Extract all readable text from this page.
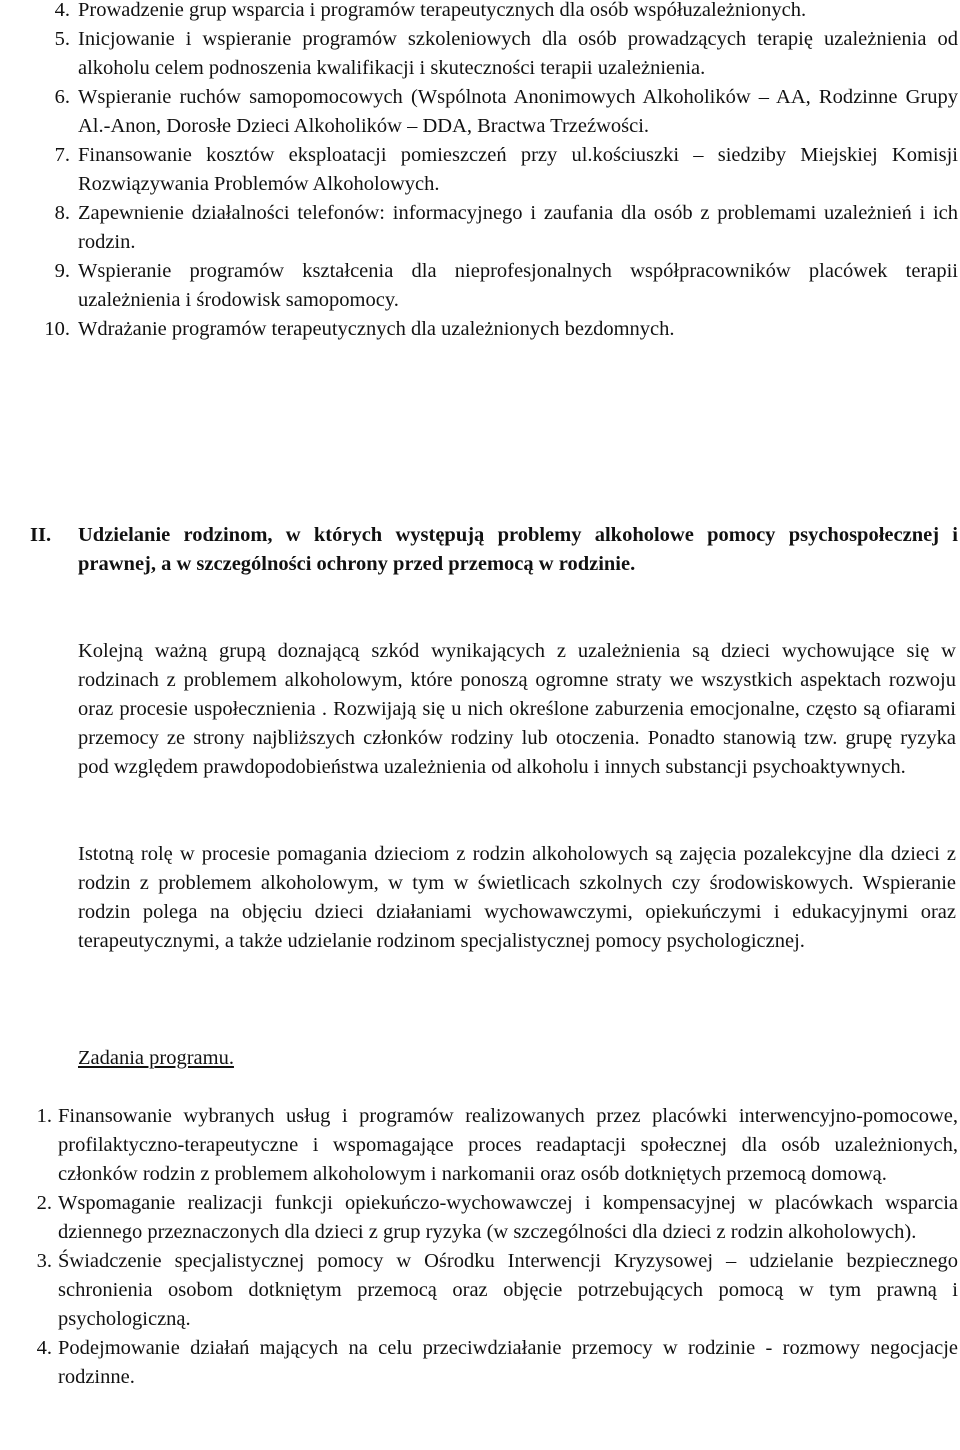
4. Prowadzenie grup wsparcia i programów terapeutycznych dla osób współuzależnionych.
5. Inicjowanie i wspieranie programów szkoleniowych dla osób prowadzących terapię uzależnienia od alkoholu celem podnoszenia kwalifikacji i skuteczności terapii uzależnienia.
6. Wspieranie ruchów samopomocowych (Wspólnota Anonimowych Alkoholików – AA, Rodzinne Grupy Al.-Anon, Dorosłe Dzieci Alkoholików – DDA, Bractwa Trzeźwości.
7. Finansowanie kosztów eksploatacji pomieszczeń przy ul.kościuszki – siedziby Miejskiej Komisji Rozwiązywania Problemów Alkoholowych.
8. Zapewnienie działalności telefonów: informacyjnego i zaufania dla osób z problemami uzależnień i ich rodzin.
9. Wspieranie programów kształcenia dla nieprofesjonalnych współpracowników placówek terapii uzależnienia i środowisk samopomocy.
10. Wdrażanie programów terapeutycznych dla uzależnionych bezdomnych.
II.	Udzielanie rodzinom, w których występują problemy alkoholowe pomocy psychospołecznej i prawnej, a w szczególności ochrony przed przemocą w rodzinie.
Kolejną ważną grupą doznającą szkód wynikających z uzależnienia są dzieci wychowujące się w rodzinach z problemem alkoholowym, które ponoszą ogromne straty we wszystkich aspektach rozwoju oraz procesie uspołecznienia . Rozwijają się u nich określone zaburzenia emocjonalne, często są ofiarami przemocy ze strony najbliższych członków rodziny lub otoczenia. Ponadto stanowią tzw. grupę ryzyka pod względem prawdopodobieństwa uzależnienia od alkoholu i innych substancji psychoaktywnych.
Istotną rolę w procesie pomagania dzieciom z rodzin alkoholowych są zajęcia pozalekcyjne dla dzieci z rodzin z problemem alkoholowym, w tym w świetlicach szkolnych czy środowiskowych. Wspieranie rodzin polega na objęciu dzieci działaniami wychowawczymi, opiekuńczymi i edukacyjnymi oraz terapeutycznymi, a także udzielanie rodzinom specjalistycznej pomocy psychologicznej.
Zadania programu.
1. Finansowanie wybranych usług i programów realizowanych przez placówki interwencyjno-pomocowe, profilaktyczno-terapeutyczne i wspomagające proces readaptacji społecznej dla osób uzależnionych, członków rodzin z problemem alkoholowym i narkomanii oraz osób dotkniętych przemocą domową.
2. Wspomaganie realizacji funkcji opiekuńczo-wychowawczej i kompensacyjnej w placówkach wsparcia dziennego przeznaczonych dla dzieci z grup ryzyka (w szczególności dla dzieci z rodzin alkoholowych).
3. Świadczenie specjalistycznej pomocy w Ośrodku Interwencji Kryzysowej – udzielanie bezpiecznego schronienia osobom dotkniętym przemocą oraz objęcie potrzebujących pomocą w tym prawną i psychologiczną.
4. Podejmowanie działań mających na celu przeciwdziałanie przemocy w rodzinie - rozmowy negocjacje rodzinne.
